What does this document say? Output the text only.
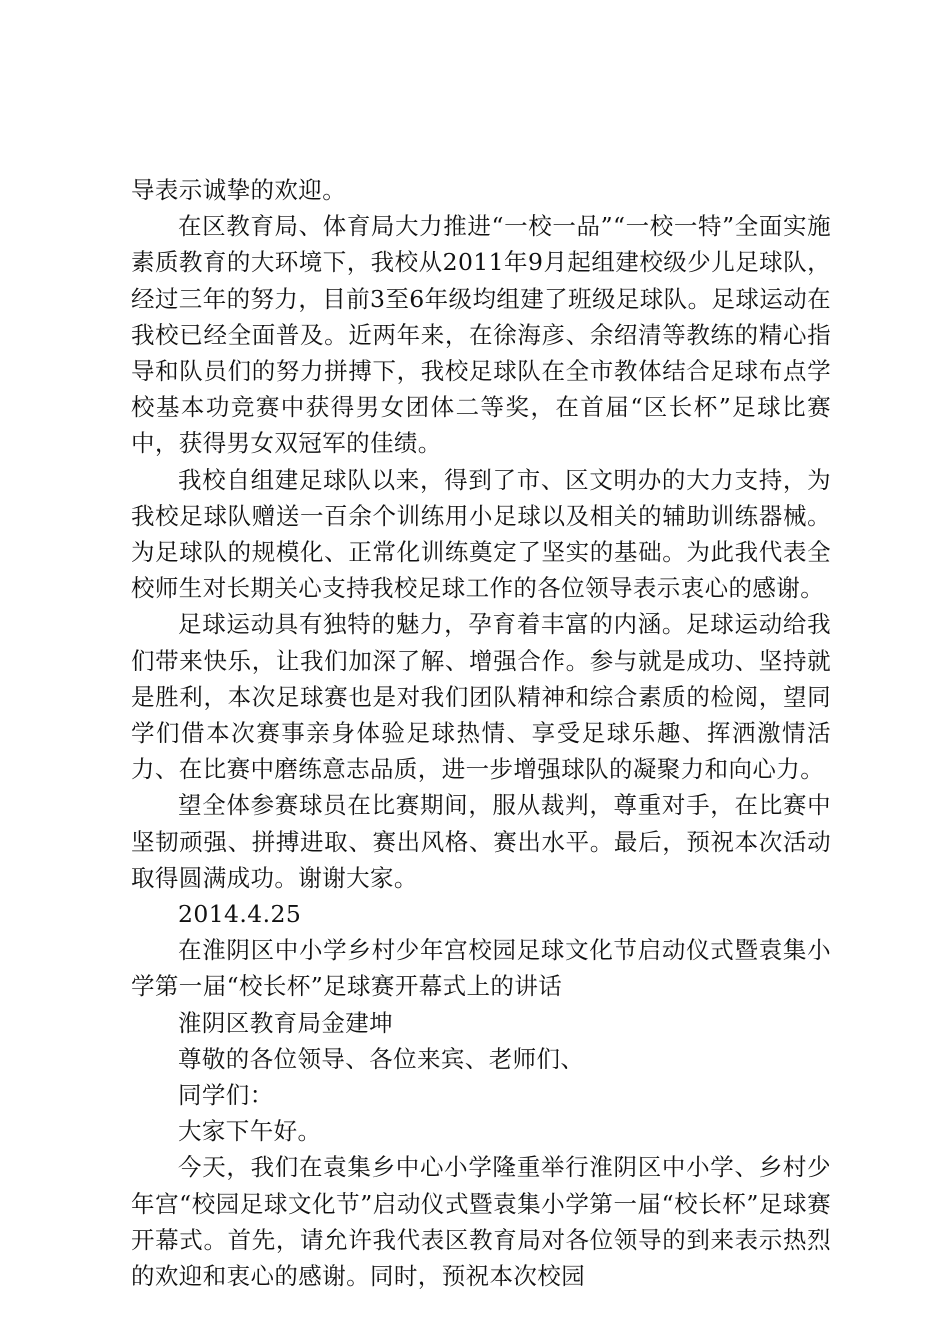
导表示诚挚的欢迎。

在区教育局、体育局大力推进“一校一品”“一校一特”全面实施素质教育的大环境下，我校从2011年9月起组建校级少儿足球队，经过三年的努力，目前3至6年级均组建了班级足球队。足球运动在我校已经全面普及。近两年来，在徐海彦、余绍清等教练的精心指导和队员们的努力拼搏下，我校足球队在全市教体结合足球布点学校基本功竞赛中获得男女团体二等奖，在首届“区长杯”足球比赛中，获得男女双冠军的佳绩。

我校自组建足球队以来，得到了市、区文明办的大力支持，为我校足球队赠送一百余个训练用小足球以及相关的辅助训练器械。为足球队的规模化、正常化训练奠定了坚实的基础。为此我代表全校师生对长期关心支持我校足球工作的各位领导表示衷心的感谢。

足球运动具有独特的魅力，孕育着丰富的内涵。足球运动给我们带来快乐，让我们加深了解、增强合作。参与就是成功、坚持就是胜利，本次足球赛也是对我们团队精神和综合素质的检阅，望同学们借本次赛事亲身体验足球热情、享受足球乐趣、挥洒激情活力、在比赛中磨练意志品质，进一步增强球队的凝聚力和向心力。

望全体参赛球员在比赛期间，服从裁判，尊重对手，在比赛中坚韧顽强、拼搏进取、赛出风格、赛出水平。最后，预祝本次活动取得圆满成功。谢谢大家。

2014.4.25

在淮阴区中小学乡村少年宫校园足球文化节启动仪式暨袁集小学第一届“校长杯”足球赛开幕式上的讲话

淮阴区教育局金建坤

尊敬的各位领导、各位来宾、老师们、

同学们：

大家下午好。

今天，我们在袁集乡中心小学隆重举行淮阴区中小学、乡村少年宫“校园足球文化节”启动仪式暨袁集小学第一届“校长杯”足球赛开幕式。首先，请允许我代表区教育局对各位领导的到来表示热烈的欢迎和衷心的感谢。同时，预祝本次校园
